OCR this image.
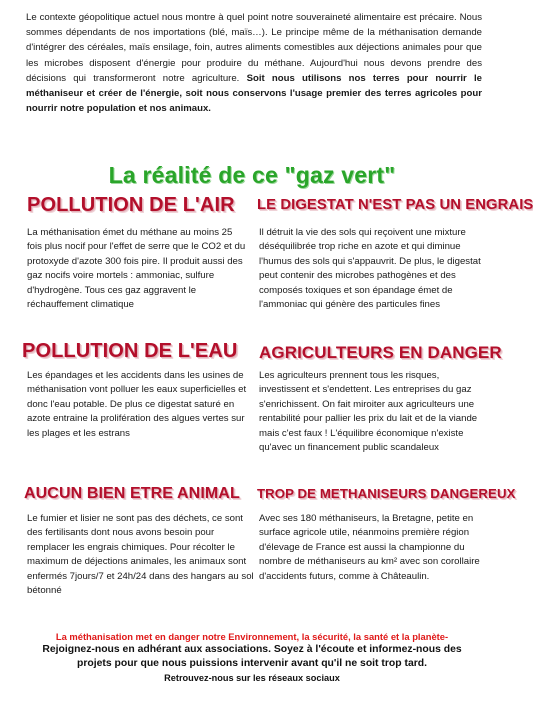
Le contexte géopolitique actuel nous montre à quel point notre souveraineté alimentaire est précaire. Nous sommes dépendants de nos importations (blé, maïs…). Le principe même de la méthanisation demande d'intégrer des céréales, maïs ensilage, foin, autres aliments comestibles aux déjections animales pour que les microbes disposent d'énergie pour produire du méthane. Aujourd'hui nous devons prendre des décisions qui transformeront notre agriculture. Soit nous utilisons nos terres pour nourrir le méthaniseur et créer de l'énergie, soit nous conservons l'usage premier des terres agricoles pour nourrir notre population et nos animaux.

La réalité de ce "gaz vert"
POLLUTION DE L'AIR LE DIGESTAT N'EST PAS UN ENGRAIS

La méthanisation émet du méthane au moins 25 fois plus nocif pour l'effet de serre que le CO2 et du protoxyde d'azote 300 fois pire. Il produit aussi des gaz nocifs voire mortels : ammoniac, sulfure d'hydrogène. Tous ces gaz aggravent le réchauffement climatique

Il détruit la vie des sols qui reçoivent une mixture déséquilibrée trop riche en azote et qui diminue l'humus des sols qui s'appauvrit. De plus, le digestat peut contenir des microbes pathogènes et des composés toxiques et son épandage émet de l'ammoniac qui génère des particules fines

POLLUTION DE L'EAU AGRICULTEURS EN DANGER

Les épandages et les accidents dans les usines de méthanisation vont polluer les eaux superficielles et donc l'eau potable. De plus ce digestat saturé en azote entraine la prolifération des algues vertes sur les plages et les estrans

Les agriculteurs prennent tous les risques, investissent et s'endettent. Les entreprises du gaz s'enrichissent. On fait miroiter aux agriculteurs une rentabilité pour pallier les prix du lait et de la viande mais c'est faux ! L'équilibre économique n'existe qu'avec un financement public scandaleux

AUCUN BIEN ETRE ANIMAL TROP DE METHANISEURS DANGEREUX

Le fumier et lisier ne sont pas des déchets, ce sont des fertilisants dont nous avons besoin pour remplacer les engrais chimiques. Pour récolter le maximum de déjections animales, les animaux sont enfermés 7jours/7 et 24h/24 dans des hangars au sol bétonné

Avec ses 180 méthaniseurs, la Bretagne, petite en surface agricole utile, néanmoins première région d'élevage de France est aussi la championne du nombre de méthaniseurs au km² avec son corollaire d'accidents futurs, comme à Châteaulin.

La méthanisation met en danger notre Environnement, la sécurité, la santé et la planète-
Rejoignez-nous en adhérant aux associations. Soyez à l'écoute et informez-nous des projets pour que nous puissions intervenir avant qu'il ne soit trop tard.
Retrouvez-nous sur les réseaux sociaux
